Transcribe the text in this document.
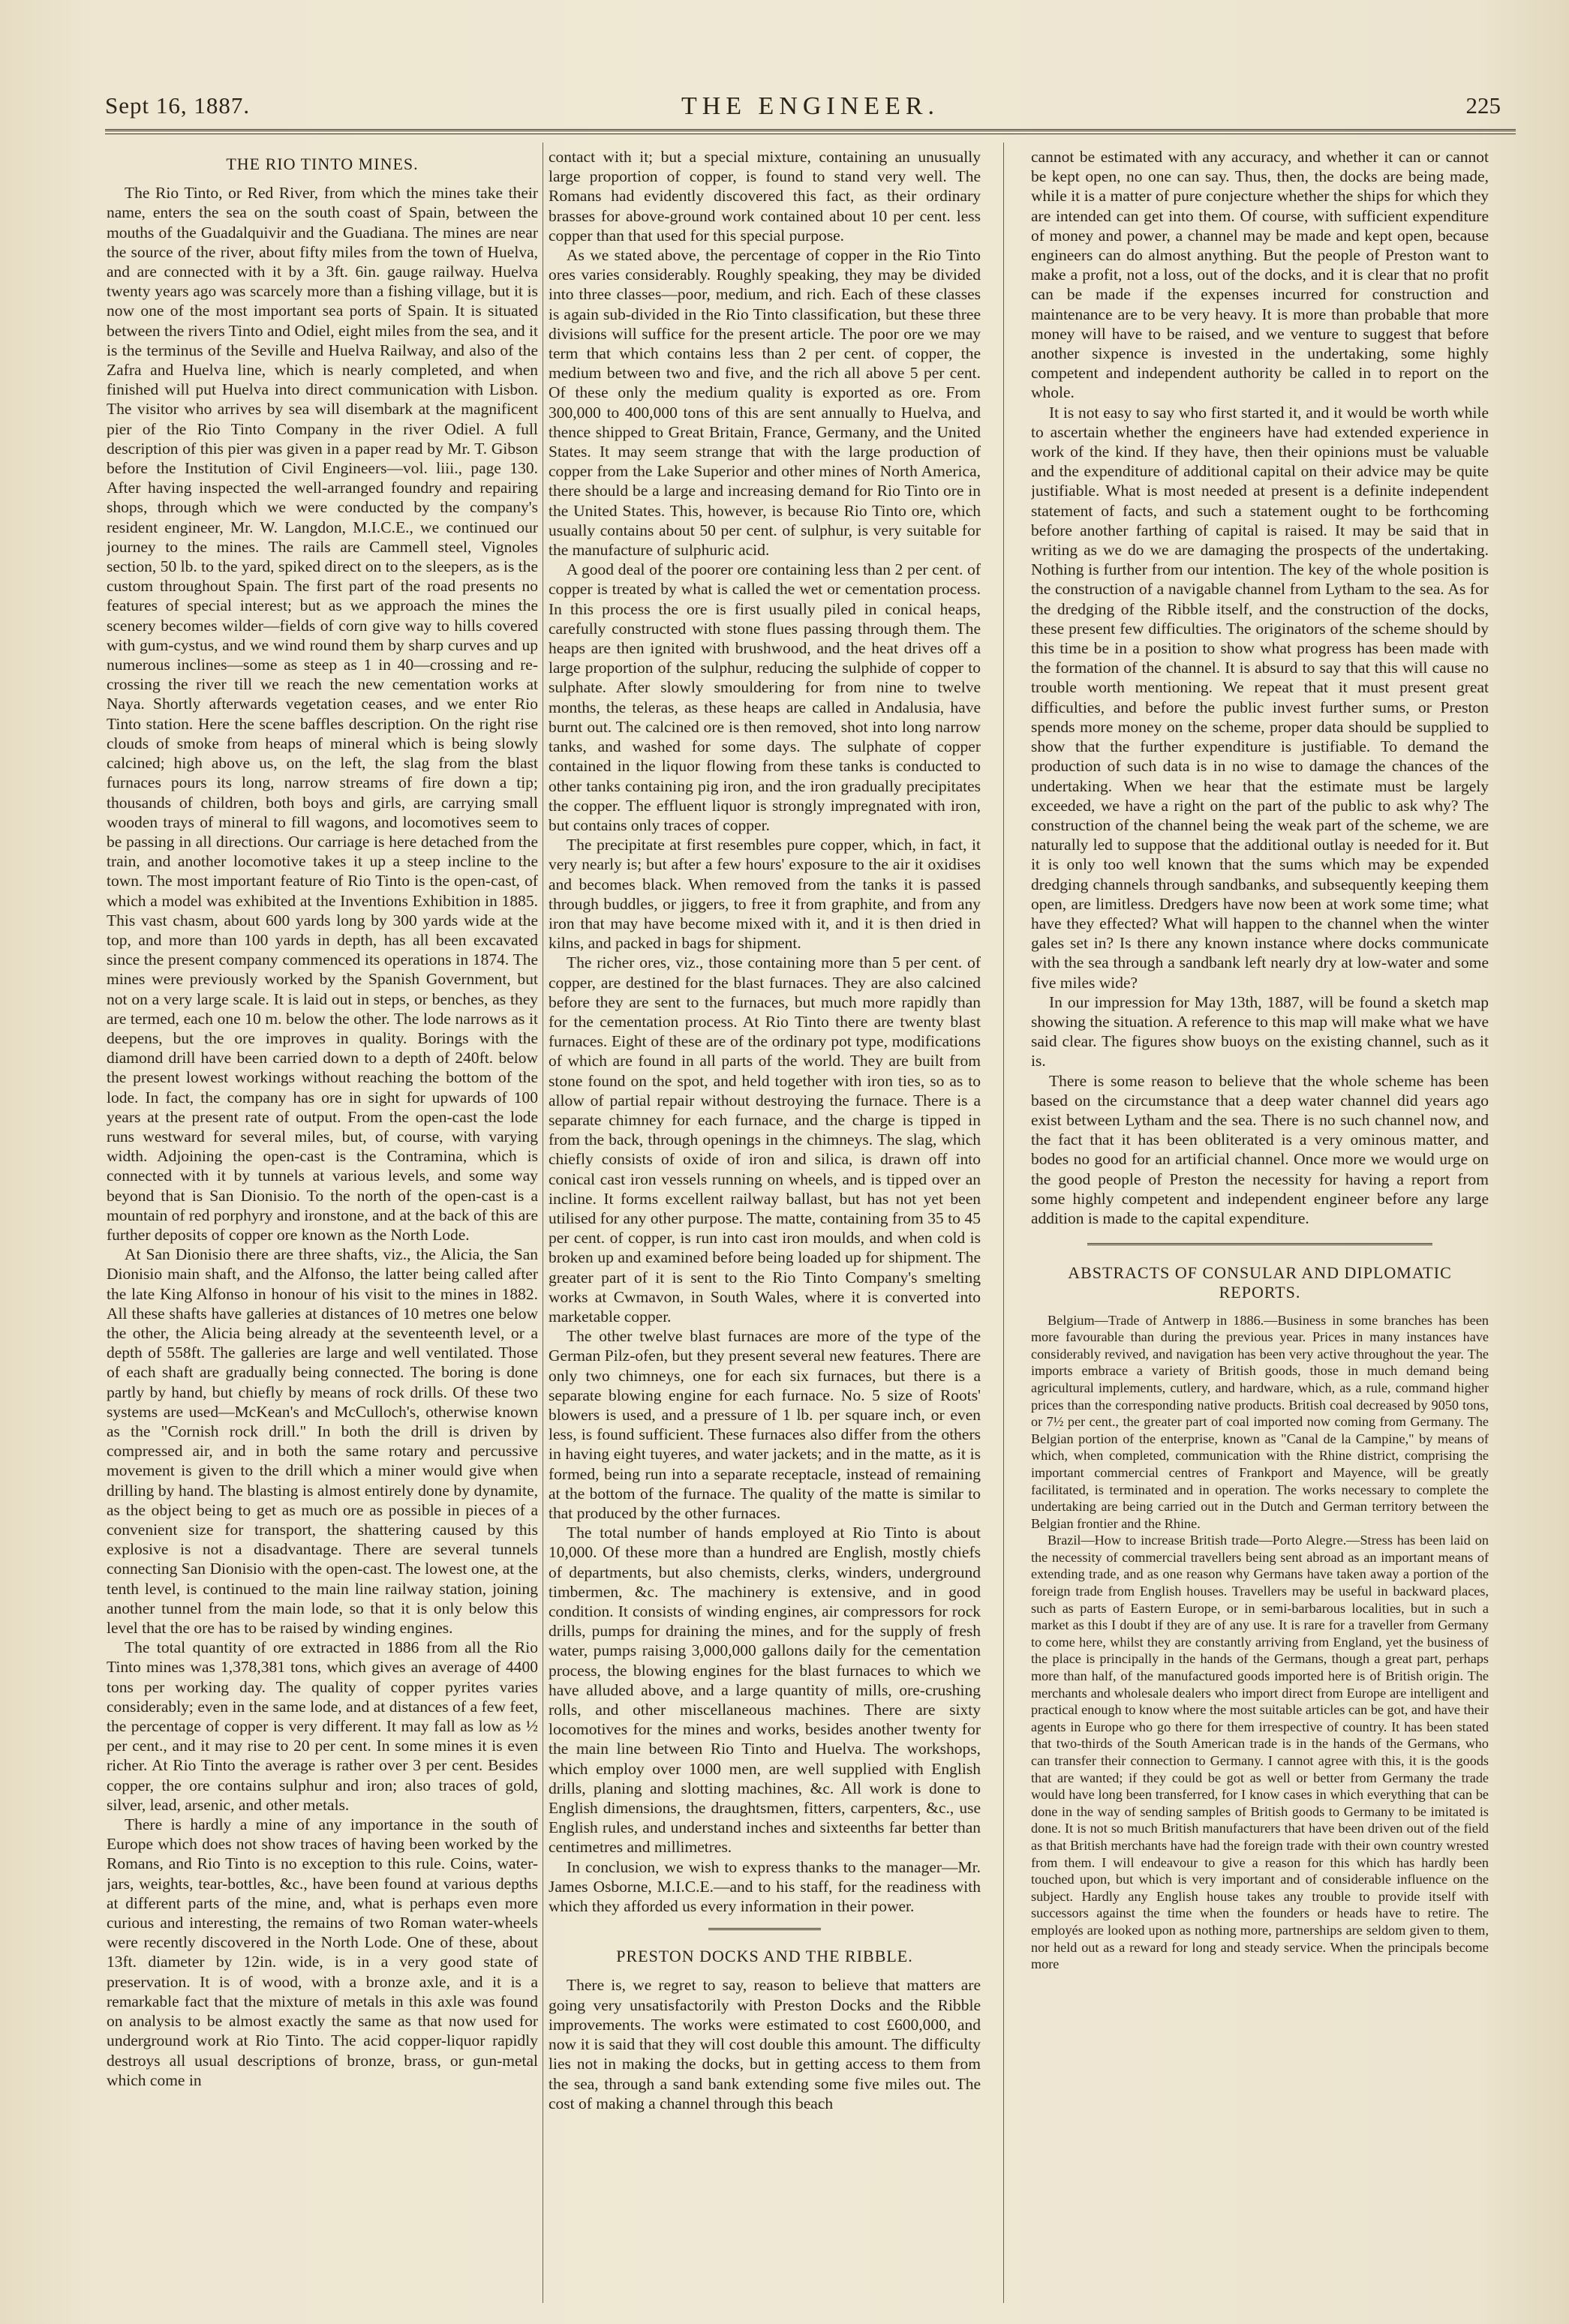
Sept 16, 1887.	THE ENGINEER.	225
THE RIO TINTO MINES.

The Rio Tinto, or Red River, from which the mines take their name, enters the sea on the south coast of Spain, between the mouths of the Guadalquivir and the Guadiana. The mines are near the source of the river, about fifty miles from the town of Huelva, and are connected with it by a 3ft. 6in. gauge railway. Huelva twenty years ago was scarcely more than a fishing village, but it is now one of the most important sea ports of Spain. It is situated between the rivers Tinto and Odiel, eight miles from the sea, and it is the terminus of the Seville and Huelva Railway, and also of the Zafra and Huelva line, which is nearly completed, and when finished will put Huelva into direct communication with Lisbon. The visitor who arrives by sea will disembark at the magnificent pier of the Rio Tinto Company in the river Odiel. A full description of this pier was given in a paper read by Mr. T. Gibson before the Institution of Civil Engineers—vol. liii., page 130. After having inspected the well-arranged foundry and repairing shops, through which we were conducted by the company's resident engineer, Mr. W. Langdon, M.I.C.E., we continued our journey to the mines. The rails are Cammell steel, Vignoles section, 50 lb. to the yard, spiked direct on to the sleepers, as is the custom throughout Spain. The first part of the road presents no features of special interest; but as we approach the mines the scenery becomes wilder—fields of corn give way to hills covered with gum-cystus, and we wind round them by sharp curves and up numerous inclines—some as steep as 1 in 40—crossing and re-crossing the river till we reach the new cementation works at Naya. Shortly afterwards vegetation ceases, and we enter Rio Tinto station. Here the scene baffles description. On the right rise clouds of smoke from heaps of mineral which is being slowly calcined; high above us, on the left, the slag from the blast furnaces pours its long, narrow streams of fire down a tip; thousands of children, both boys and girls, are carrying small wooden trays of mineral to fill wagons, and locomotives seem to be passing in all directions. Our carriage is here detached from the train, and another locomotive takes it up a steep incline to the town. The most important feature of Rio Tinto is the open-cast, of which a model was exhibited at the Inventions Exhibition in 1885. This vast chasm, about 600 yards long by 300 yards wide at the top, and more than 100 yards in depth, has all been excavated since the present company commenced its operations in 1874. The mines were previously worked by the Spanish Government, but not on a very large scale. It is laid out in steps, or benches, as they are termed, each one 10 m. below the other. The lode narrows as it deepens, but the ore improves in quality. Borings with the diamond drill have been carried down to a depth of 240ft. below the present lowest workings without reaching the bottom of the lode. In fact, the company has ore in sight for upwards of 100 years at the present rate of output. From the open-cast the lode runs westward for several miles, but, of course, with varying width. Adjoining the open-cast is the Contramina, which is connected with it by tunnels at various levels, and some way beyond that is San Dionisio. To the north of the open-cast is a mountain of red porphyry and ironstone, and at the back of this are further deposits of copper ore known as the North Lode.

At San Dionisio there are three shafts, viz., the Alicia, the San Dionisio main shaft, and the Alfonso, the latter being called after the late King Alfonso in honour of his visit to the mines in 1882. All these shafts have galleries at distances of 10 metres one below the other, the Alicia being already at the seventeenth level, or a depth of 558ft. The galleries are large and well ventilated. Those of each shaft are gradually being connected. The boring is done partly by hand, but chiefly by means of rock drills. Of these two systems are used—McKean's and McCulloch's, otherwise known as the "Cornish rock drill." In both the drill is driven by compressed air, and in both the same rotary and percussive movement is given to the drill which a miner would give when drilling by hand. The blasting is almost entirely done by dynamite, as the object being to get as much ore as possible in pieces of a convenient size for transport, the shattering caused by this explosive is not a disadvantage. There are several tunnels connecting San Dionisio with the open-cast. The lowest one, at the tenth level, is continued to the main line railway station, joining another tunnel from the main lode, so that it is only below this level that the ore has to be raised by winding engines.

The total quantity of ore extracted in 1886 from all the Rio Tinto mines was 1,378,381 tons, which gives an average of 4400 tons per working day. The quality of copper pyrites varies considerably; even in the same lode, and at distances of a few feet, the percentage of copper is very different. It may fall as low as ½ per cent., and it may rise to 20 per cent. In some mines it is even richer. At Rio Tinto the average is rather over 3 per cent. Besides copper, the ore contains sulphur and iron; also traces of gold, silver, lead, arsenic, and other metals.

There is hardly a mine of any importance in the south of Europe which does not show traces of having been worked by the Romans, and Rio Tinto is no exception to this rule. Coins, water-jars, weights, tear-bottles, &c., have been found at various depths at different parts of the mine, and, what is perhaps even more curious and interesting, the remains of two Roman water-wheels were recently discovered in the North Lode. One of these, about 13ft. diameter by 12in. wide, is in a very good state of preservation. It is of wood, with a bronze axle, and it is a remarkable fact that the mixture of metals in this axle was found on analysis to be almost exactly the same as that now used for underground work at Rio Tinto. The acid copper-liquor rapidly destroys all usual descriptions of bronze, brass, or gun-metal which come in

contact with it; but a special mixture, containing an unusually large proportion of copper, is found to stand very well. The Romans had evidently discovered this fact, as their ordinary brasses for above-ground work contained about 10 per cent. less copper than that used for this special purpose.

As we stated above, the percentage of copper in the Rio Tinto ores varies considerably. Roughly speaking, they may be divided into three classes—poor, medium, and rich. Each of these classes is again sub-divided in the Rio Tinto classification, but these three divisions will suffice for the present article. The poor ore we may term that which contains less than 2 per cent. of copper, the medium between two and five, and the rich all above 5 per cent. Of these only the medium quality is exported as ore. From 300,000 to 400,000 tons of this are sent annually to Huelva, and thence shipped to Great Britain, France, Germany, and the United States. It may seem strange that with the large production of copper from the Lake Superior and other mines of North America, there should be a large and increasing demand for Rio Tinto ore in the United States. This, however, is because Rio Tinto ore, which usually contains about 50 per cent. of sulphur, is very suitable for the manufacture of sulphuric acid.

A good deal of the poorer ore containing less than 2 per cent. of copper is treated by what is called the wet or cementation process. In this process the ore is first usually piled in conical heaps, carefully constructed with stone flues passing through them. The heaps are then ignited with brushwood, and the heat drives off a large proportion of the sulphur, reducing the sulphide of copper to sulphate. After slowly smouldering for from nine to twelve months, the teleras, as these heaps are called in Andalusia, have burnt out. The calcined ore is then removed, shot into long narrow tanks, and washed for some days. The sulphate of copper contained in the liquor flowing from these tanks is conducted to other tanks containing pig iron, and the iron gradually precipitates the copper. The effluent liquor is strongly impregnated with iron, but contains only traces of copper.

The precipitate at first resembles pure copper, which, in fact, it very nearly is; but after a few hours' exposure to the air it oxidises and becomes black. When removed from the tanks it is passed through buddles, or jiggers, to free it from graphite, and from any iron that may have become mixed with it, and it is then dried in kilns, and packed in bags for shipment.

The richer ores, viz., those containing more than 5 per cent. of copper, are destined for the blast furnaces. They are also calcined before they are sent to the furnaces, but much more rapidly than for the cementation process. At Rio Tinto there are twenty blast furnaces. Eight of these are of the ordinary pot type, modifications of which are found in all parts of the world. They are built from stone found on the spot, and held together with iron ties, so as to allow of partial repair without destroying the furnace. There is a separate chimney for each furnace, and the charge is tipped in from the back, through openings in the chimneys. The slag, which chiefly consists of oxide of iron and silica, is drawn off into conical cast iron vessels running on wheels, and is tipped over an incline. It forms excellent railway ballast, but has not yet been utilised for any other purpose. The matte, containing from 35 to 45 per cent. of copper, is run into cast iron moulds, and when cold is broken up and examined before being loaded up for shipment. The greater part of it is sent to the Rio Tinto Company's smelting works at Cwmavon, in South Wales, where it is converted into marketable copper.

The other twelve blast furnaces are more of the type of the German Pilz-ofen, but they present several new features. There are only two chimneys, one for each six furnaces, but there is a separate blowing engine for each furnace. No. 5 size of Roots' blowers is used, and a pressure of 1 lb. per square inch, or even less, is found sufficient. These furnaces also differ from the others in having eight tuyeres, and water jackets; and in the matte, as it is formed, being run into a separate receptacle, instead of remaining at the bottom of the furnace. The quality of the matte is similar to that produced by the other furnaces.

The total number of hands employed at Rio Tinto is about 10,000. Of these more than a hundred are English, mostly chiefs of departments, but also chemists, clerks, winders, underground timbermen, &c. The machinery is extensive, and in good condition. It consists of winding engines, air compressors for rock drills, pumps for draining the mines, and for the supply of fresh water, pumps raising 3,000,000 gallons daily for the cementation process, the blowing engines for the blast furnaces to which we have alluded above, and a large quantity of mills, ore-crushing rolls, and other miscellaneous machines. There are sixty locomotives for the mines and works, besides another twenty for the main line between Rio Tinto and Huelva. The workshops, which employ over 1000 men, are well supplied with English drills, planing and slotting machines, &c. All work is done to English dimensions, the draughtsmen, fitters, carpenters, &c., use English rules, and understand inches and sixteenths far better than centimetres and millimetres.

In conclusion, we wish to express thanks to the manager—Mr. James Osborne, M.I.C.E.—and to his staff, for the readiness with which they afforded us every information in their power.

PRESTON DOCKS AND THE RIBBLE.

There is, we regret to say, reason to believe that matters are going very unsatisfactorily with Preston Docks and the Ribble improvements. The works were estimated to cost £600,000, and now it is said that they will cost double this amount. The difficulty lies not in making the docks, but in getting access to them from the sea, through a sand bank extending some five miles out. The cost of making a channel through this beach

cannot be estimated with any accuracy, and whether it can or cannot be kept open, no one can say. Thus, then, the docks are being made, while it is a matter of pure conjecture whether the ships for which they are intended can get into them. Of course, with sufficient expenditure of money and power, a channel may be made and kept open, because engineers can do almost anything. But the people of Preston want to make a profit, not a loss, out of the docks, and it is clear that no profit can be made if the expenses incurred for construction and maintenance are to be very heavy. It is more than probable that more money will have to be raised, and we venture to suggest that before another sixpence is invested in the undertaking, some highly competent and independent authority be called in to report on the whole.

It is not easy to say who first started it, and it would be worth while to ascertain whether the engineers have had extended experience in work of the kind. If they have, then their opinions must be valuable and the expenditure of additional capital on their advice may be quite justifiable. What is most needed at present is a definite independent statement of facts, and such a statement ought to be forthcoming before another farthing of capital is raised. It may be said that in writing as we do we are damaging the prospects of the undertaking. Nothing is further from our intention. The key of the whole position is the construction of a navigable channel from Lytham to the sea. As for the dredging of the Ribble itself, and the construction of the docks, these present few difficulties. The originators of the scheme should by this time be in a position to show what progress has been made with the formation of the channel. It is absurd to say that this will cause no trouble worth mentioning. We repeat that it must present great difficulties, and before the public invest further sums, or Preston spends more money on the scheme, proper data should be supplied to show that the further expenditure is justifiable. To demand the production of such data is in no wise to damage the chances of the undertaking. When we hear that the estimate must be largely exceeded, we have a right on the part of the public to ask why? The construction of the channel being the weak part of the scheme, we are naturally led to suppose that the additional outlay is needed for it. But it is only too well known that the sums which may be expended dredging channels through sandbanks, and subsequently keeping them open, are limitless. Dredgers have now been at work some time; what have they effected? What will happen to the channel when the winter gales set in? Is there any known instance where docks communicate with the sea through a sandbank left nearly dry at low-water and some five miles wide?

In our impression for May 13th, 1887, will be found a sketch map showing the situation. A reference to this map will make what we have said clear. The figures show buoys on the existing channel, such as it is.

There is some reason to believe that the whole scheme has been based on the circumstance that a deep water channel did years ago exist between Lytham and the sea. There is no such channel now, and the fact that it has been obliterated is a very ominous matter, and bodes no good for an artificial channel. Once more we would urge on the good people of Preston the necessity for having a report from some highly competent and independent engineer before any large addition is made to the capital expenditure.

ABSTRACTS OF CONSULAR AND DIPLOMATIC REPORTS.

Belgium—Trade of Antwerp in 1886.—Business in some branches has been more favourable than during the previous year. Prices in many instances have considerably revived, and navigation has been very active throughout the year. The imports embrace a variety of British goods, those in much demand being agricultural implements, cutlery, and hardware, which, as a rule, command higher prices than the corresponding native products. British coal decreased by 9050 tons, or 7½ per cent., the greater part of coal imported now coming from Germany. The Belgian portion of the enterprise, known as "Canal de la Campine," by means of which, when completed, communication with the Rhine district, comprising the important commercial centres of Frankport and Mayence, will be greatly facilitated, is terminated and in operation. The works necessary to complete the undertaking are being carried out in the Dutch and German territory between the Belgian frontier and the Rhine.

Brazil—How to increase British trade—Porto Alegre.—Stress has been laid on the necessity of commercial travellers being sent abroad as an important means of extending trade, and as one reason why Germans have taken away a portion of the foreign trade from English houses. Travellers may be useful in backward places, such as parts of Eastern Europe, or in semi-barbarous localities, but in such a market as this I doubt if they are of any use. It is rare for a traveller from Germany to come here, whilst they are constantly arriving from England, yet the business of the place is principally in the hands of the Germans, though a great part, perhaps more than half, of the manufactured goods imported here is of British origin. The merchants and wholesale dealers who import direct from Europe are intelligent and practical enough to know where the most suitable articles can be got, and have their agents in Europe who go there for them irrespective of country. It has been stated that two-thirds of the South American trade is in the hands of the Germans, who can transfer their connection to Germany. I cannot agree with this, it is the goods that are wanted; if they could be got as well or better from Germany the trade would have long been transferred, for I know cases in which everything that can be done in the way of sending samples of British goods to Germany to be imitated is done. It is not so much British manufacturers that have been driven out of the field as that British merchants have had the foreign trade with their own country wrested from them. I will endeavour to give a reason for this which has hardly been touched upon, but which is very important and of considerable influence on the subject. Hardly any English house takes any trouble to provide itself with successors against the time when the founders or heads have to retire. The employés are looked upon as nothing more, partnerships are seldom given to them, nor held out as a reward for long and steady service. When the principals become more
